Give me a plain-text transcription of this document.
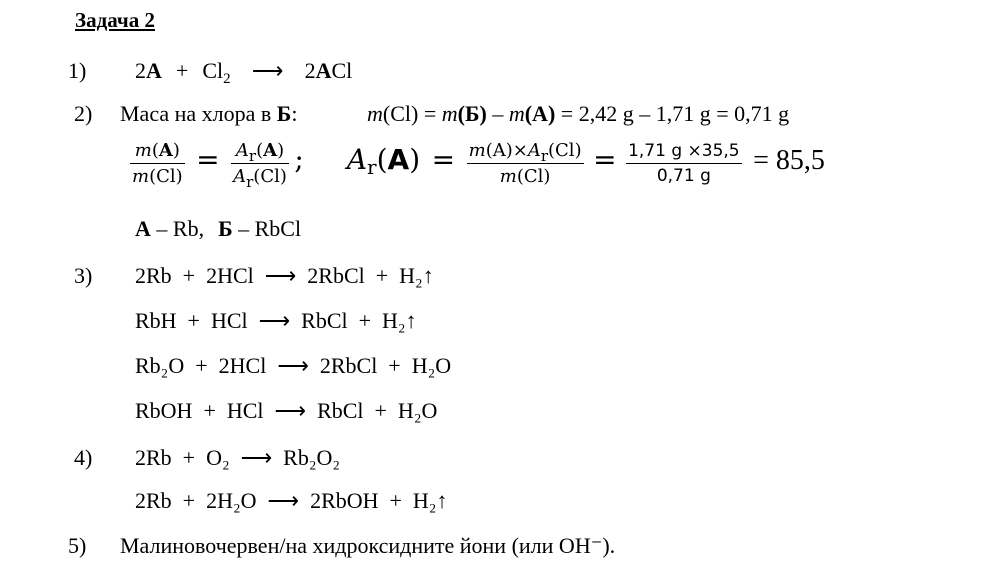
Задача 2
1) $2A + Cl_2$ ⟶ 2ACl
2) Маса на хлора в Б:	m(Cl) = m(Б) – m(А) = 2,42 g – 1,71 g = 0,71 g
$\frac{m(A)}{m(Cl)} = \frac{A_r(A)}{A_r(Cl)}$ ; $A_r(A) = \frac{m(A)\times A_r(Cl)}{m(Cl)} = \frac{1,71 g \times 35,5}{0,71 g} = 85,5$
А – Rb, Б – RbCl
3) 2Rb  +  2HCl  ⟶  2RbCl  +  H₂↑
RbH  +  HCl  ⟶  RbCl  +  H₂↑
Rb₂O  +  2HCl  ⟶  2RbCl  +  H₂O
RbOH  +  HCl  ⟶  RbCl  +  H₂O
4) 2Rb  +  O₂  ⟶  Rb₂O₂
2Rb  +  2H₂O  ⟶  2RbOH  +  H₂↑
5) Малиновочервен/на хидроксидните йони (или OH⁻).
